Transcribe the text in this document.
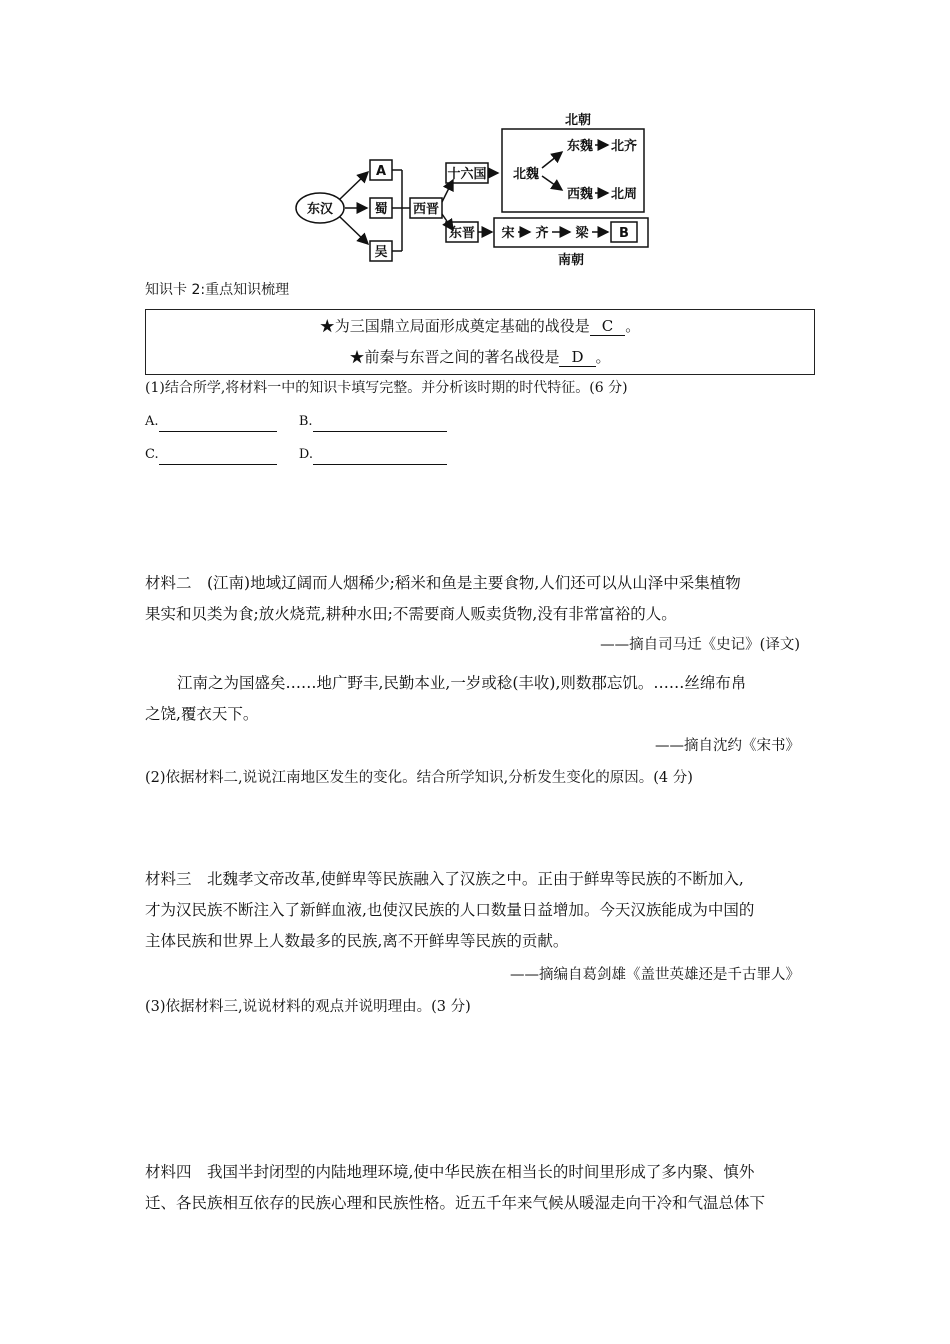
东汉
A
蜀
吴
西晋
十六国
东晋
北朝
北魏
东魏 北齐
西魏 北周
宋 齐 梁 B
南朝
知识卡 2:重点知识梳理
★为三国鼎立局面形成奠定基础的战役是 C 。
★前秦与东晋之间的著名战役是 D 。
(1)结合所学,将材料一中的知识卡填写完整。并分析该时期的时代特征。(6 分)
A.	B.
C.	D.
材料二　(江南)地域辽阔而人烟稀少;稻米和鱼是主要食物,人们还可以从山泽中采集植物
果实和贝类为食;放火烧荒,耕种水田;不需要商人贩卖货物,没有非常富裕的人。
——摘自司马迁《史记》(译文)
江南之为国盛矣……地广野丰,民勤本业,一岁或稔(丰收),则数郡忘饥。……丝绵布帛
之饶,覆衣天下。
——摘自沈约《宋书》
(2)依据材料二,说说江南地区发生的变化。结合所学知识,分析发生变化的原因。(4 分)
材料三　北魏孝文帝改革,使鲜卑等民族融入了汉族之中。正由于鲜卑等民族的不断加入,
才为汉民族不断注入了新鲜血液,也使汉民族的人口数量日益增加。今天汉族能成为中国的
主体民族和世界上人数最多的民族,离不开鲜卑等民族的贡献。
——摘编自葛剑雄《盖世英雄还是千古罪人》
(3)依据材料三,说说材料的观点并说明理由。(3 分)
材料四　我国半封闭型的内陆地理环境,使中华民族在相当长的时间里形成了多内聚、慎外
迁、各民族相互依存的民族心理和民族性格。近五千年来气候从暖湿走向干冷和气温总体下
